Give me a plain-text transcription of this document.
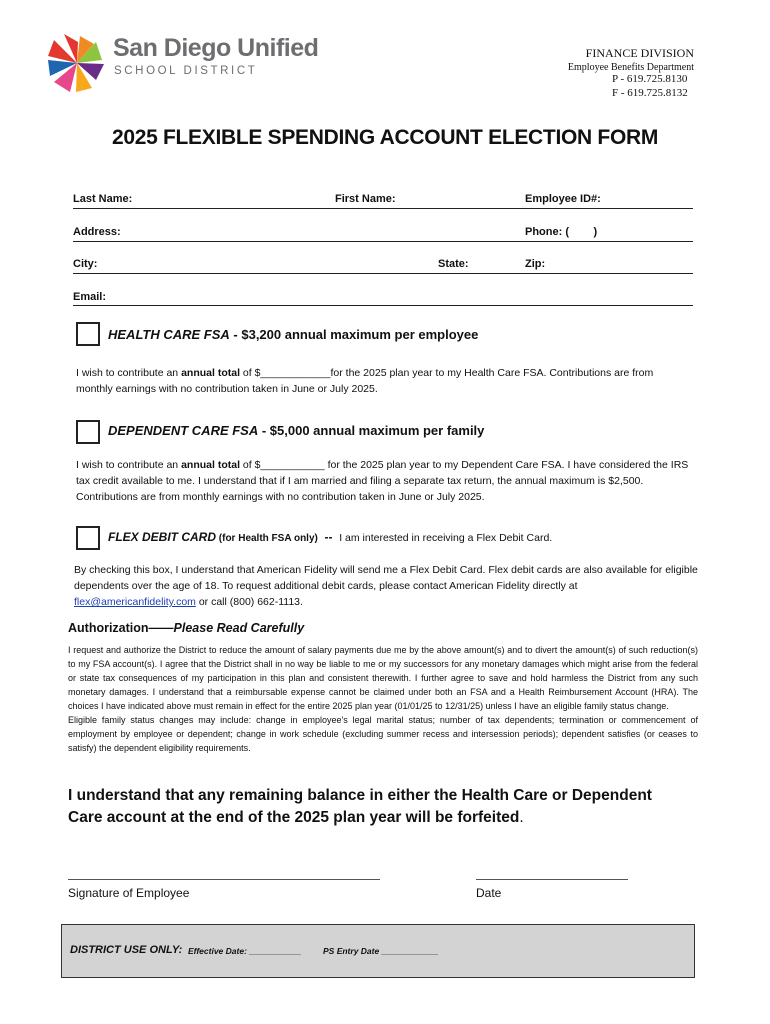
San Diego Unified
SCHOOL DISTRICT
FINANCE DIVISION
Employee Benefits Department
P - 619.725.8130
F - 619.725.8132
2025 FLEXIBLE SPENDING ACCOUNT ELECTION FORM
Last Name:	First Name:	Employee ID#:
Address:	Phone: (        )
City:	State:	Zip:
Email:
HEALTH CARE FSA - $3,200 annual maximum per employee
I wish to contribute an annual total of $____________for the 2025 plan year to my Health Care FSA. Contributions are from monthly earnings with no contribution taken in June or July 2025.
DEPENDENT CARE FSA - $5,000 annual maximum per family
I wish to contribute an annual total of $___________ for the 2025 plan year to my Dependent Care FSA. I have considered the IRS tax credit available to me. I understand that if I am married and filing a separate tax return, the annual maximum is $2,500. Contributions are from monthly earnings with no contribution taken in June or July 2025.
FLEX DEBIT CARD (for Health FSA only)  --  I am interested in receiving a Flex Debit Card.
By checking this box, I understand that American Fidelity will send me a Flex Debit Card. Flex debit cards are also available for eligible dependents over the age of 18. To request additional debit cards, please contact American Fidelity directly at flex@americanfidelity.com or call (800) 662-1113.
Authorization——Please Read Carefully

I request and authorize the District to reduce the amount of salary payments due me by the above amount(s) and to divert the amount(s) of such reduction(s) to my FSA account(s). I agree that the District shall in no way be liable to me or my successors for any monetary damages which might arise from the federal or state tax consequences of my participation in this plan and consistent therewith. I further agree to save and hold harmless the District from any such monetary damages. I understand that a reimbursable expense cannot be claimed under both an FSA and a Health Reimbursement Account (HRA). The choices I have indicated above must remain in effect for the entire 2025 plan year (01/01/25 to 12/31/25) unless I have an eligible family status change.

Eligible family status changes may include: change in employee's legal marital status; number of tax dependents; termination or commencement of employment by employee or dependent; change in work schedule (excluding summer recess and intersession periods); dependent satisfies (or ceases to satisfy) the dependent eligibility requirements.

I understand that any remaining balance in either the Health Care or Dependent
Care account at the end of the 2025 plan year will be forfeited.
Signature of Employee	Date
DISTRICT USE ONLY: Effective Date: ___________	PS Entry Date ____________
